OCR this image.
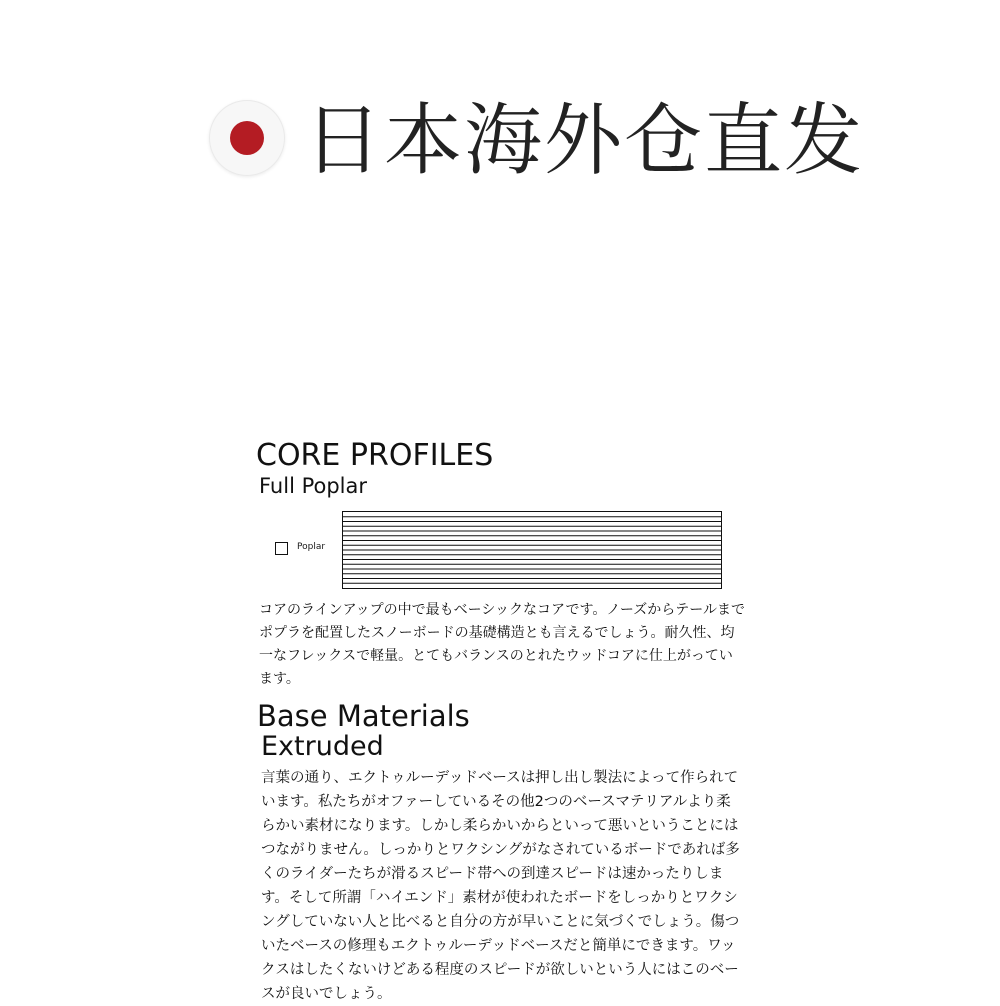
日本海外仓直发
CORE PROFILES
Full Poplar
Poplar

コアのラインアップの中で最もベーシックなコアです。ノーズからテールまでポプラを配置したスノーボードの基礎構造とも言えるでしょう。耐久性、均一なフレックスで軽量。とてもバランスのとれたウッドコアに仕上がっています。

Base Materials
Extruded

言葉の通り、エクトゥルーデッドベースは押し出し製法によって作られています。私たちがオファーしているその他2つのベースマテリアルより柔らかい素材になります。しかし柔らかいからといって悪いということにはつながりません。しっかりとワクシングがなされているボードであれば多くのライダーたちが滑るスピード帯への到達スピードは速かったりします。そして所謂「ハイエンド」素材が使われたボードをしっかりとワクシングしていない人と比べると自分の方が早いことに気づくでしょう。傷ついたベースの修理もエクトゥルーデッドベースだと簡単にできます。ワックスはしたくないけどある程度のスピードが欲しいという人にはこのベースが良いでしょう。
